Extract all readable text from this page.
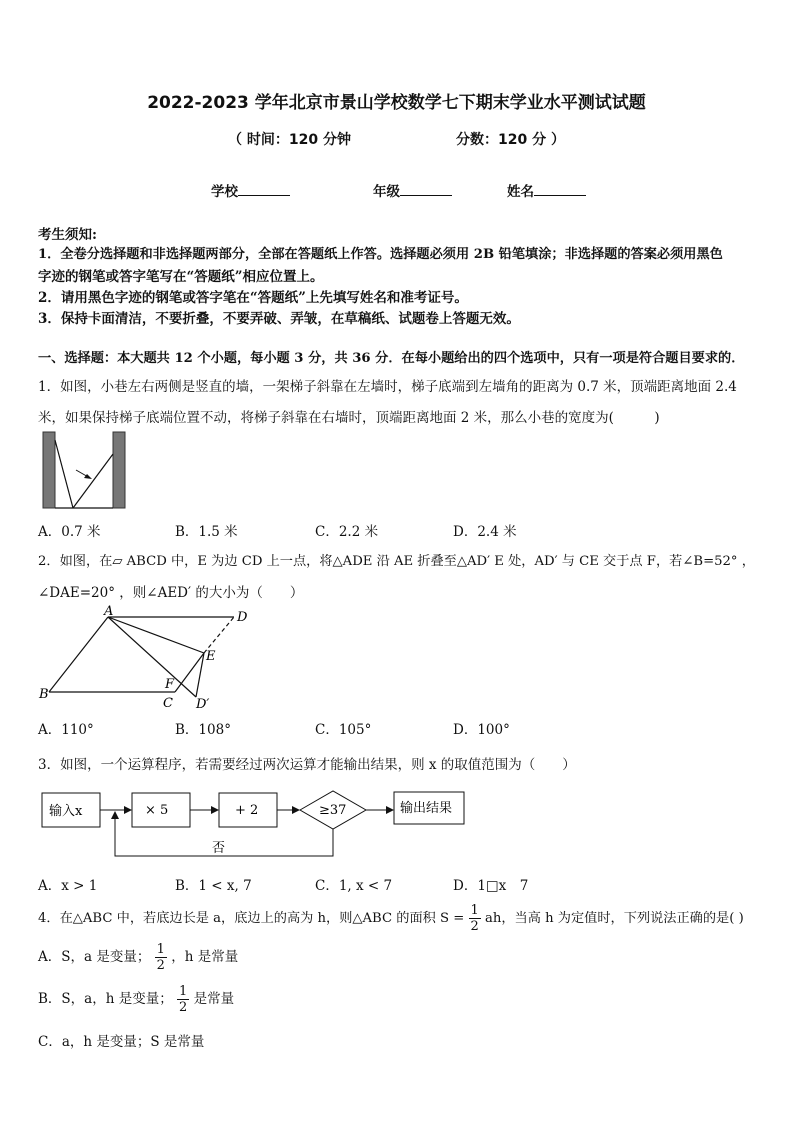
2022-2023 学年北京市景山学校数学七下期末学业水平测试试题
（ 时间：120 分钟	分数：120 分 ）
学校	年级	姓名
考生须知:
1．全卷分选择题和非选择题两部分，全部在答题纸上作答。选择题必须用 2B 铅笔填涂；非选择题的答案必须用黑色
字迹的钢笔或答字笔写在“答题纸”相应位置上。
2．请用黑色字迹的钢笔或答字笔在“答题纸”上先填写姓名和准考证号。
3．保持卡面清洁，不要折叠，不要弄破、弄皱，在草稿纸、试题卷上答题无效。
一、选择题：本大题共 12 个小题，每小题 3 分，共 36 分．在每小题给出的四个选项中，只有一项是符合题目要求的．
1．如图，小巷左右两侧是竖直的墙，一架梯子斜靠在左墙时，梯子底端到左墙角的距离为 0.7 米，顶端距离地面 2.4
米，如果保持梯子底端位置不动，将梯子斜靠在右墙时，顶端距离地面 2 米，那么小巷的宽度为(　　　)
A．0.7 米	B．1.5 米	C．2.2 米	D．2.4 米
2．如图，在▱ ABCD 中，E 为边 CD 上一点，将△ADE 沿 AE 折叠至△AD′ E 处，AD′ 与 CE 交于点 F，若∠B=52° ，
∠DAE=20° ，则∠AED′ 的大小为（　　）
A	D
E
F
B
C D′
A．110°	B．108°	C．105°	D．100°
3．如图，一个运算程序，若需要经过两次运算才能输出结果，则 x 的取值范围为（　　）
输入x	× 5	+ 2	≥37	输出结果
否
A．x > 1	B．1 < x, 7	C．1, x < 7	D．1□x　7
4．在△ABC 中，若底边长是 a，底边上的高为 h，则△ABC 的面积 $S = \frac{1}{2}$ ah，当高 h 为定值时，下列说法正确的是( )
A．S，a 是变量； $\frac{1}{2}$ ，h 是常量
B．S，a，h 是变量； $\frac{1}{2}$ 是常量
C．a，h 是变量；S 是常量
